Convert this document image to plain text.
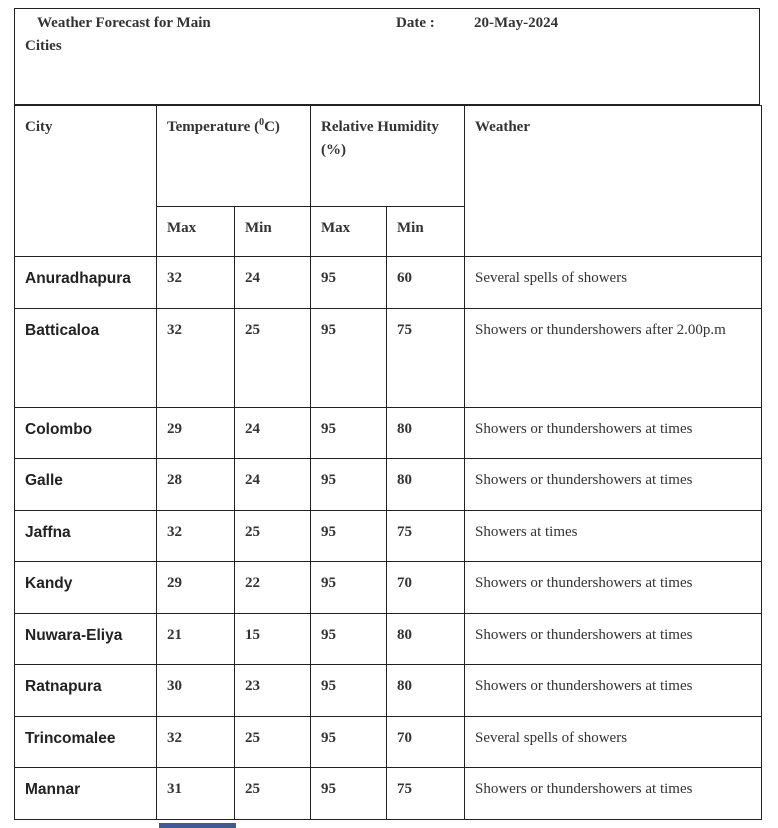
Weather Forecast for Main Cities
Date :	20-May-2024
City	Temperature ($^0$C)		Relative Humidity (%)		Weather
	Max	Min	Max	Min	
Anuradhapura	32	24	95	60	Several spells of showers
Batticaloa	32	25	95	75	Showers or thundershowers after 2.00p.m
Colombo	29	24	95	80	Showers or thundershowers at times
Galle	28	24	95	80	Showers or thundershowers at times
Jaffna	32	25	95	75	Showers at times
Kandy	29	22	95	70	Showers or thundershowers at times
Nuwara-Eliya	21	15	95	80	Showers or thundershowers at times
Ratnapura	30	23	95	80	Showers or thundershowers at times
Trincomalee	32	25	95	70	Several spells of showers
Mannar	31	25	95	75	Showers or thundershowers at times
